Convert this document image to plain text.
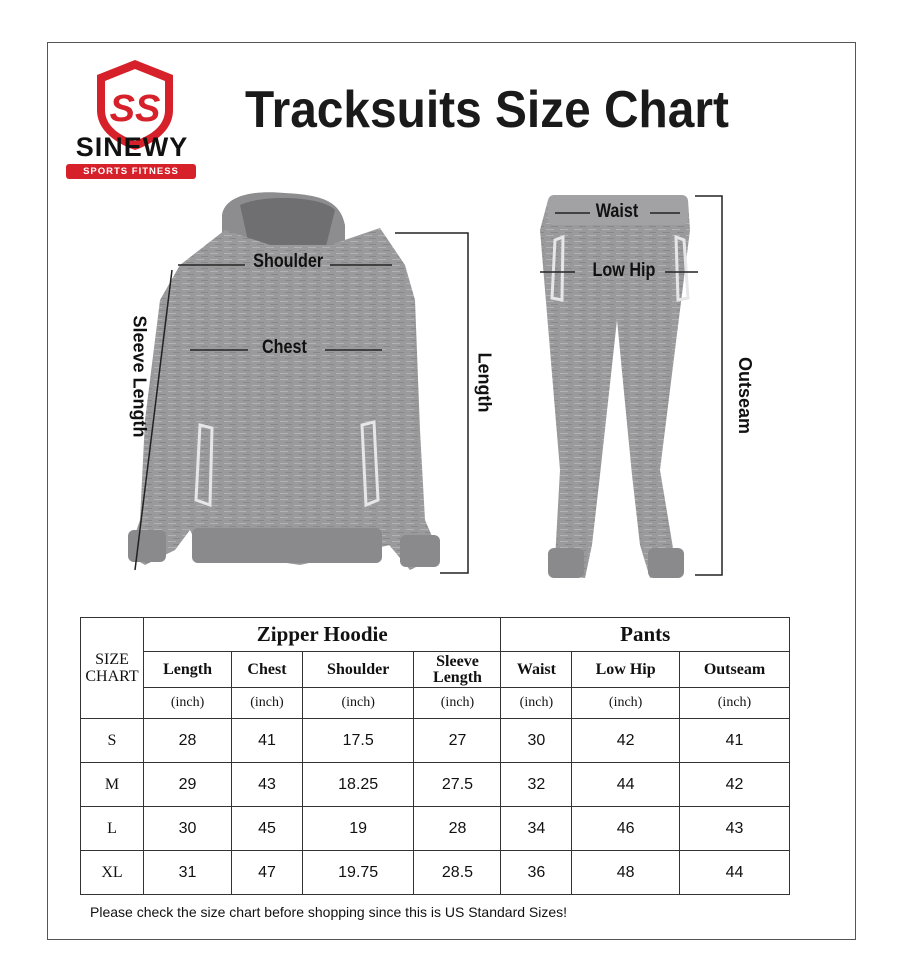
SS
SINEWY
SPORTS FITNESS
Tracksuits Size Chart
Shoulder
Chest
Sleeve Length	Length
Waist
Low Hip
Outseam
SIZE CHART	Zipper Hoodie				Pants		
	Length	Chest	Shoulder	Sleeve Length	Waist	Low Hip	Outseam
	(inch)	(inch)	(inch)	(inch)	(inch)	(inch)	(inch)
S	28	41	17.5	27	30	42	41
M	29	43	18.25	27.5	32	44	42
L	30	45	19	28	34	46	43
XL	31	47	19.75	28.5	36	48	44
Please check the size chart before shopping since this is US Standard Sizes!
